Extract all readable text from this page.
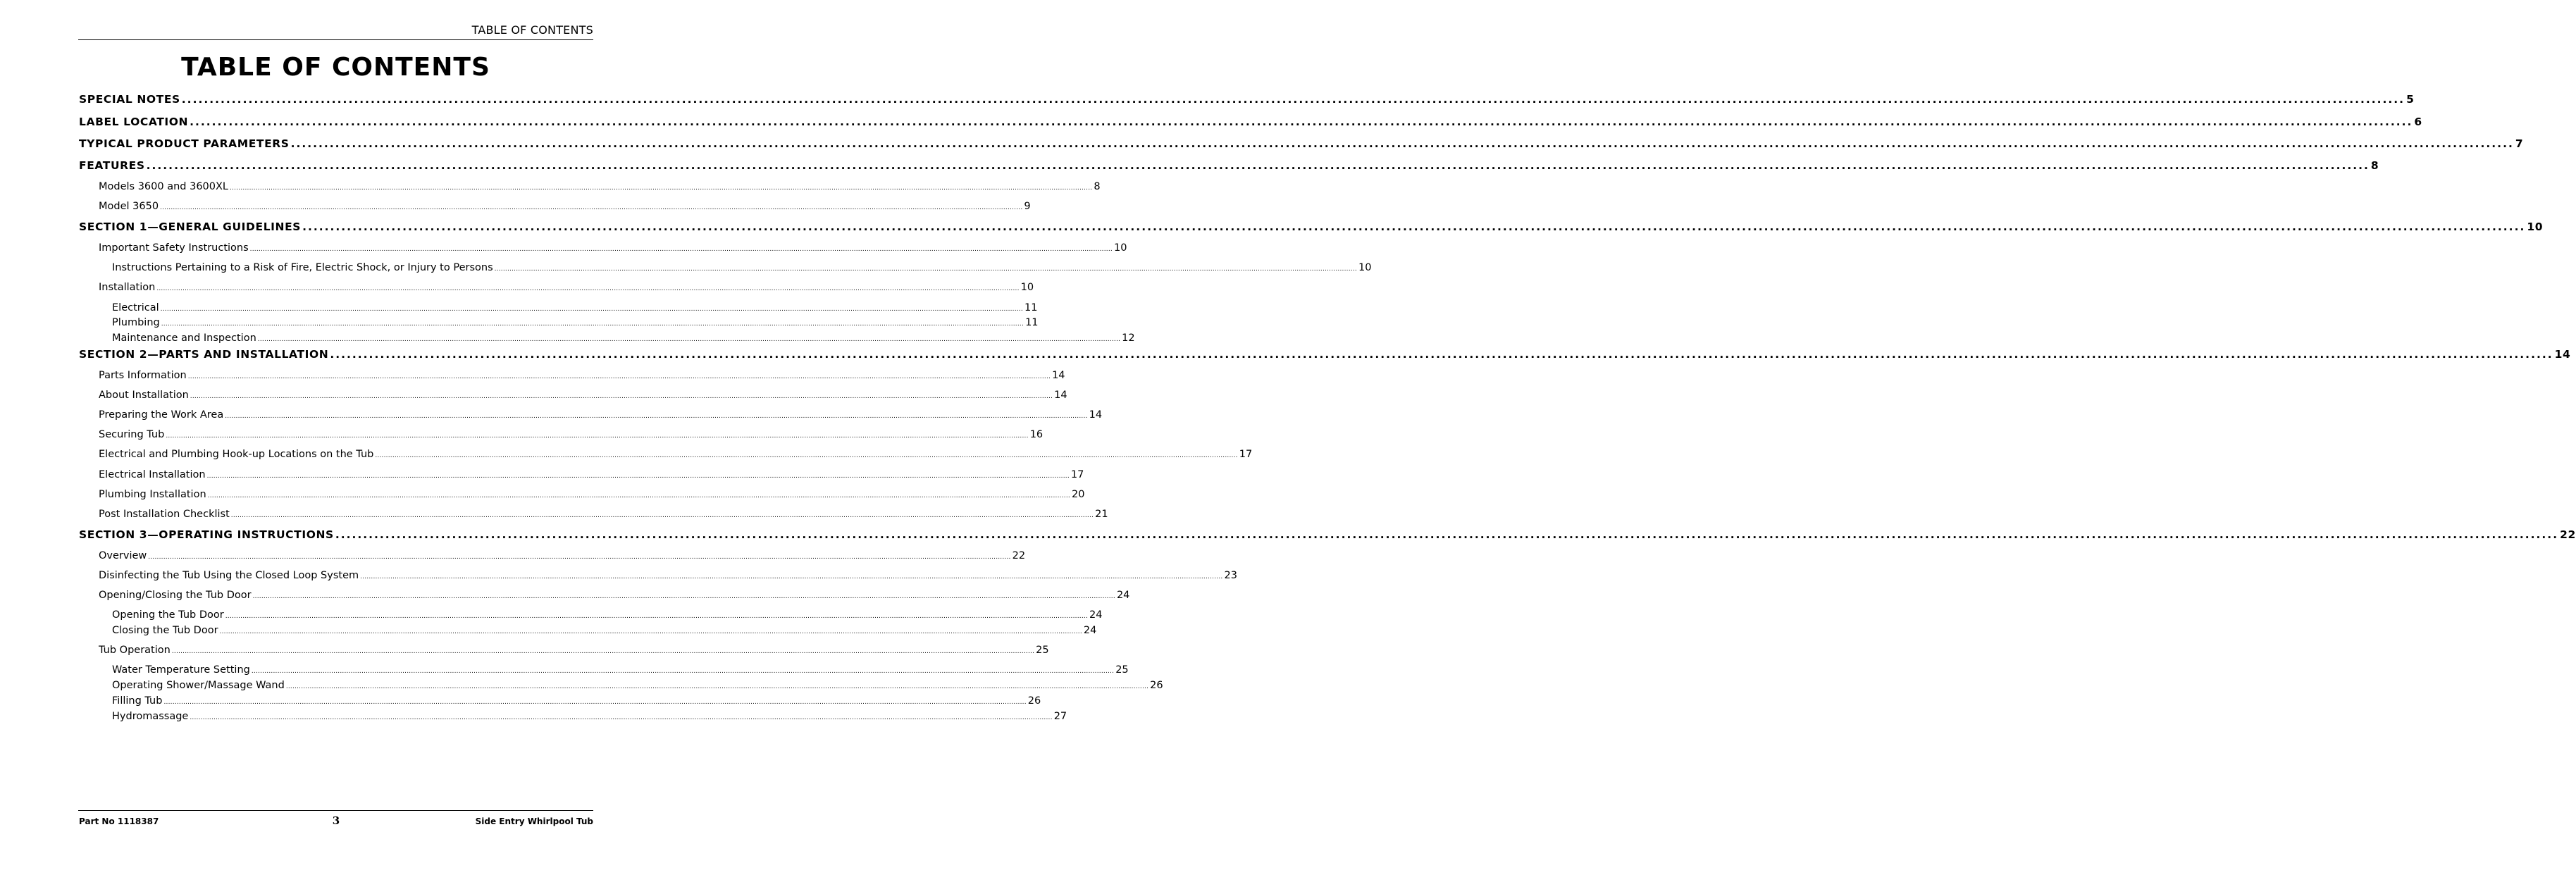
TABLE OF CONTENTS
TABLE OF CONTENTS
SPECIAL NOTES ................................................................................................................................................................................................................................................................................................................................................................................................................ 5
LABEL LOCATION ................................................................................................................................................................................................................................................................................................................................................................................................................ 6
TYPICAL PRODUCT PARAMETERS ................................................................................................................................................................................................................................................................................................................................................................................................................ 7
FEATURES ................................................................................................................................................................................................................................................................................................................................................................................................................ 8
Models 3600 and 3600XL ................................................................................................................................................................................................................................................................................................................................................................................................................ 8
Model 3650 ................................................................................................................................................................................................................................................................................................................................................................................................................ 9
SECTION 1—GENERAL GUIDELINES ................................................................................................................................................................................................................................................................................................................................................................................................................ 10
Important Safety Instructions ................................................................................................................................................................................................................................................................................................................................................................................................................ 10
Instructions Pertaining to a Risk of Fire, Electric Shock, or Injury to Persons ................................................................................................................................................................................................................................................................................................................................................................................................................ 10
Installation ................................................................................................................................................................................................................................................................................................................................................................................................................ 10
Electrical ................................................................................................................................................................................................................................................................................................................................................................................................................ 11
Plumbing ................................................................................................................................................................................................................................................................................................................................................................................................................ 11
Maintenance and Inspection ................................................................................................................................................................................................................................................................................................................................................................................................................ 12
SECTION 2—PARTS AND INSTALLATION ................................................................................................................................................................................................................................................................................................................................................................................................................ 14
Parts Information ................................................................................................................................................................................................................................................................................................................................................................................................................ 14
About Installation ................................................................................................................................................................................................................................................................................................................................................................................................................ 14
Preparing the Work Area ................................................................................................................................................................................................................................................................................................................................................................................................................ 14
Securing Tub ................................................................................................................................................................................................................................................................................................................................................................................................................ 16
Electrical and Plumbing Hook-up Locations on the Tub ................................................................................................................................................................................................................................................................................................................................................................................................................ 17
Electrical Installation ................................................................................................................................................................................................................................................................................................................................................................................................................ 17
Plumbing Installation ................................................................................................................................................................................................................................................................................................................................................................................................................ 20
Post Installation Checklist ................................................................................................................................................................................................................................................................................................................................................................................................................ 21
SECTION 3—OPERATING INSTRUCTIONS ................................................................................................................................................................................................................................................................................................................................................................................................................ 22
Overview ................................................................................................................................................................................................................................................................................................................................................................................................................ 22
Disinfecting the Tub Using the Closed Loop System ................................................................................................................................................................................................................................................................................................................................................................................................................ 23
Opening/Closing the Tub Door ................................................................................................................................................................................................................................................................................................................................................................................................................ 24
Opening the Tub Door ................................................................................................................................................................................................................................................................................................................................................................................................................ 24
Closing the Tub Door ................................................................................................................................................................................................................................................................................................................................................................................................................ 24
Tub Operation ................................................................................................................................................................................................................................................................................................................................................................................................................ 25
Water Temperature Setting ................................................................................................................................................................................................................................................................................................................................................................................................................ 25
Operating Shower/Massage Wand ................................................................................................................................................................................................................................................................................................................................................................................................................ 26
Filling Tub ................................................................................................................................................................................................................................................................................................................................................................................................................ 26
Hydromassage ................................................................................................................................................................................................................................................................................................................................................................................................................ 27
Part No 1118387	3	Side Entry Whirlpool Tub
